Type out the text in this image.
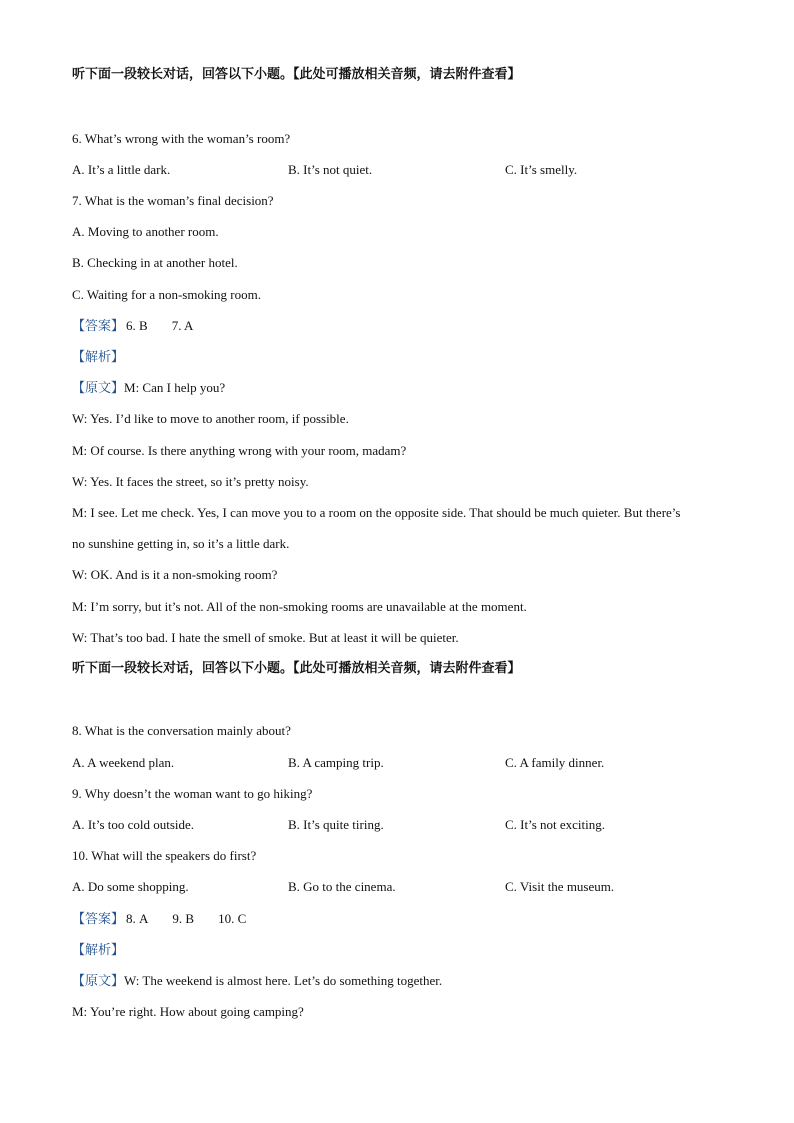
听下面一段较长对话，回答以下小题。【此处可播放相关音频，请去附件查看】
6. What’s wrong with the woman’s room?
A. It’s a little dark.	B. It’s not quiet.	C. It’s smelly.
7. What is the woman’s final decision?
A. Moving to another room.
B. Checking in at another hotel.
C. Waiting for a non-smoking room.
【答案】 6. B 7. A
【解析】
【原文】M: Can I help you?
W: Yes. I’d like to move to another room, if possible.
M: Of course. Is there anything wrong with your room, madam?
W: Yes. It faces the street, so it’s pretty noisy.
M: I see. Let me check. Yes, I can move you to a room on the opposite side. That should be much quieter. But there’s
no sunshine getting in, so it’s a little dark.
W: OK. And is it a non-smoking room?
M: I’m sorry, but it’s not. All of the non-smoking rooms are unavailable at the moment.
W: That’s too bad. I hate the smell of smoke. But at least it will be quieter.
听下面一段较长对话，回答以下小题。【此处可播放相关音频，请去附件查看】
8. What is the conversation mainly about?
A. A weekend plan.	B. A camping trip.	C. A family dinner.
9. Why doesn’t the woman want to go hiking?
A. It’s too cold outside.	B. It’s quite tiring.	C. It’s not exciting.
10. What will the speakers do first?
A. Do some shopping.	B. Go to the cinema.	C. Visit the museum.
【答案】 8. A 9. B 10. C
【解析】
【原文】W: The weekend is almost here. Let’s do something together.
M: You’re right. How about going camping?
